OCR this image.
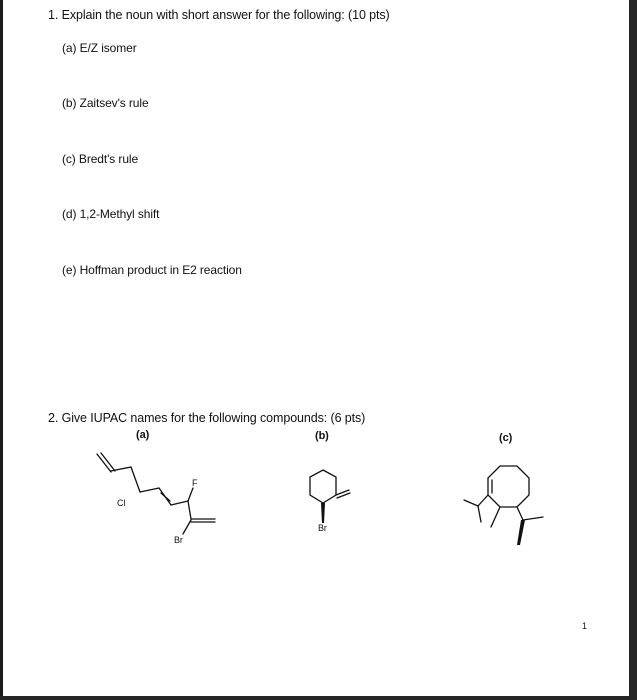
1. Explain the noun with short answer for the following: (10 pts)
(a) E/Z isomer
(b) Zaitsev's rule
(c) Bredt's rule
(d) 1,2-Methyl shift
(e) Hoffman product in E2 reaction
2. Give IUPAC names for the following compounds: (6 pts)
(a)	(b)	(c)
Cl
F
Br
Br
1
